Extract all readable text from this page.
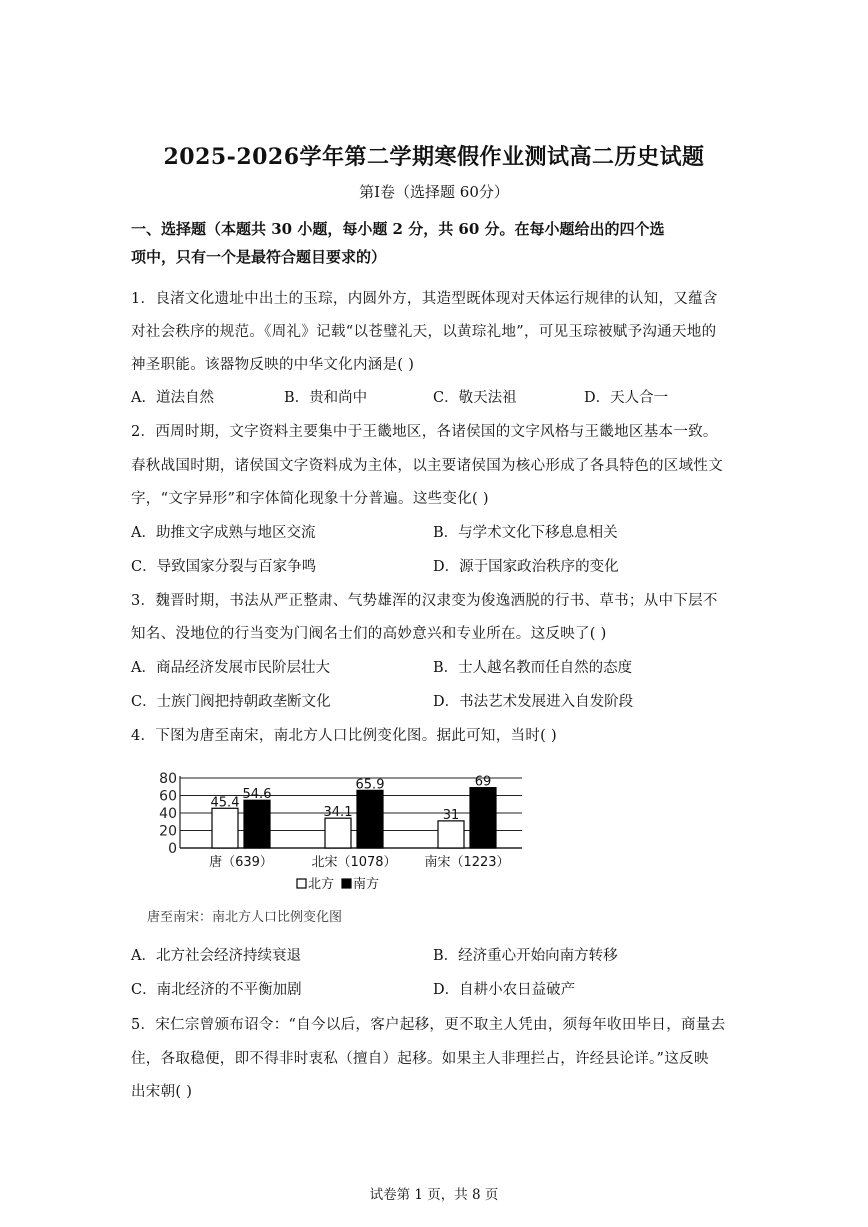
2025-2026学年第二学期寒假作业测试高二历史试题
第Ⅰ卷（选择题 60分）
一、选择题（本题共 30 小题，每小题 2 分，共 60 分。在每小题给出的四个选
项中，只有一个是最符合题目要求的）
1．良渚文化遗址中出土的玉琮，内圆外方，其造型既体现对天体运行规律的认知，又蕴含
对社会秩序的规范。《周礼》记载“以苍璧礼天，以黄琮礼地”，可见玉琮被赋予沟通天地的
神圣职能。该器物反映的中华文化内涵是( )
A．道法自然	B．贵和尚中	C．敬天法祖	D．天人合一
2．西周时期，文字资料主要集中于王畿地区，各诸侯国的文字风格与王畿地区基本一致。
春秋战国时期，诸侯国文字资料成为主体，以主要诸侯国为核心形成了各具特色的区域性文
字，“文字异形”和字体简化现象十分普遍。这些变化( )
A．助推文字成熟与地区交流	B．与学术文化下移息息相关
C．导致国家分裂与百家争鸣	D．源于国家政治秩序的变化
3．魏晋时期，书法从严正整肃、气势雄浑的汉隶变为俊逸洒脱的行书、草书；从中下层不
知名、没地位的行当变为门阀名士们的高妙意兴和专业所在。这反映了( )
A．商品经济发展市民阶层壮大	B．士人越名教而任自然的态度
C．士族门阀把持朝政垄断文化	D．书法艺术发展进入自发阶段
4．下图为唐至南宋，南北方人口比例变化图。据此可知，当时( )
0
20
40
60
80
45.4
54.6
唐（639）
34.1
65.9
北宋（1078）
31
69
南宋（1223）
北方 南方
唐至南宋：南北方人口比例变化图
A．北方社会经济持续衰退	B．经济重心开始向南方转移
C．南北经济的不平衡加剧	D．自耕小农日益破产
5．宋仁宗曾颁布诏令：“自今以后，客户起移，更不取主人凭由，须每年收田毕日，商量去
住，各取稳便，即不得非时衷私（擅自）起移。如果主人非理拦占，许经县论详。”这反映
出宋朝( )
试卷第 1 页，共 8 页
